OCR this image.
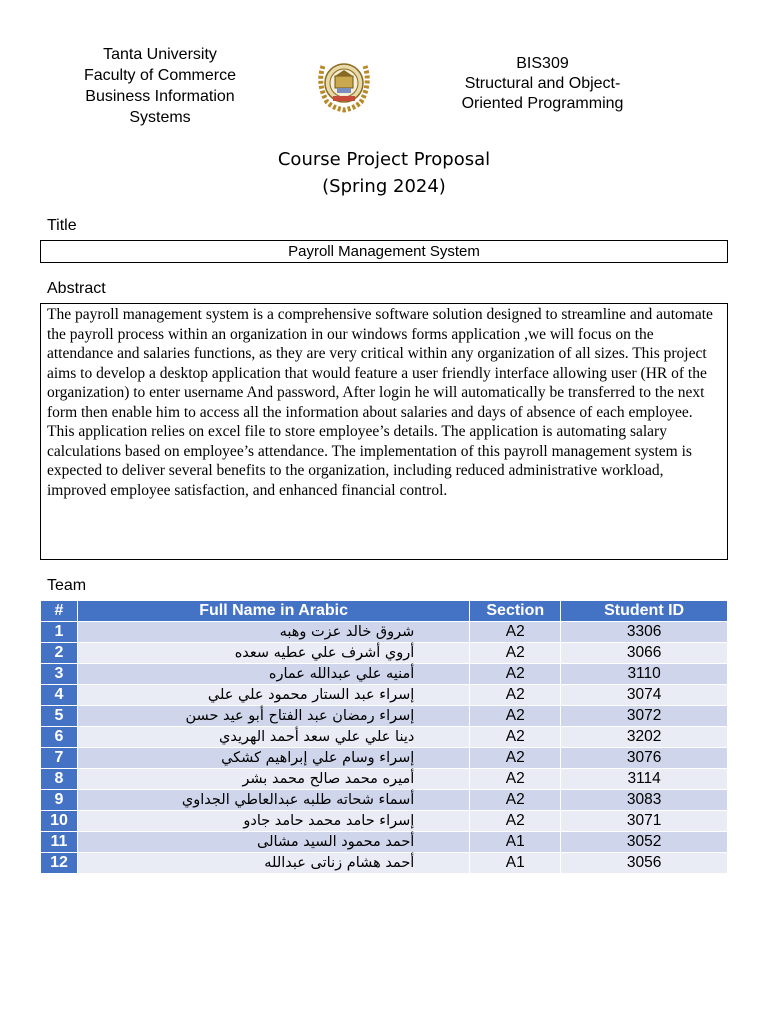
Tanta University
Faculty of Commerce
Business Information
Systems
BIS309
Structural and Object-
Oriented Programming
Course Project Proposal
(Spring 2024)
Title
Payroll Management System
Abstract

The payroll management system is a comprehensive software solution designed to streamline and automate the payroll process within an organization in our windows forms application ,we will focus on the attendance and salaries functions, as they are very critical within any organization of all sizes. This project aims to develop a desktop application that would feature a user friendly interface allowing user (HR of the organization) to enter username And password, After login he will automatically be transferred to the next form then enable him to access all the information about salaries and days of absence of each employee.

This application relies on excel file to store employee’s details. The application is automating salary calculations based on employee’s attendance. The implementation of this payroll management system is expected to deliver several benefits to the organization, including reduced administrative workload, improved employee satisfaction, and enhanced financial control.

Team
#	Full Name in Arabic	Section	Student ID
1	شروق خالد عزت وهبه	A2	3306
2	أروي أشرف علي عطيه سعده	A2	3066
3	أمنيه علي عبدالله عماره	A2	3110
4	إسراء عبد الستار محمود علي علي	A2	3074
5	إسراء رمضان عبد الفتاح أبو عيد حسن	A2	3072
6	دينا علي علي سعد أحمد الهريدي	A2	3202
7	إسراء وسام علي إبراهيم كشكي	A2	3076
8	أميره محمد صالح محمد بشر	A2	3114
9	أسماء شحاته طلبه عبدالعاطي الجداوي	A2	3083
10	إسراء حامد محمد حامد جادو	A2	3071
11	أحمد محمود السيد مشالى	A1	3052
12	أحمد هشام زناتى عبدالله	A1	3056
